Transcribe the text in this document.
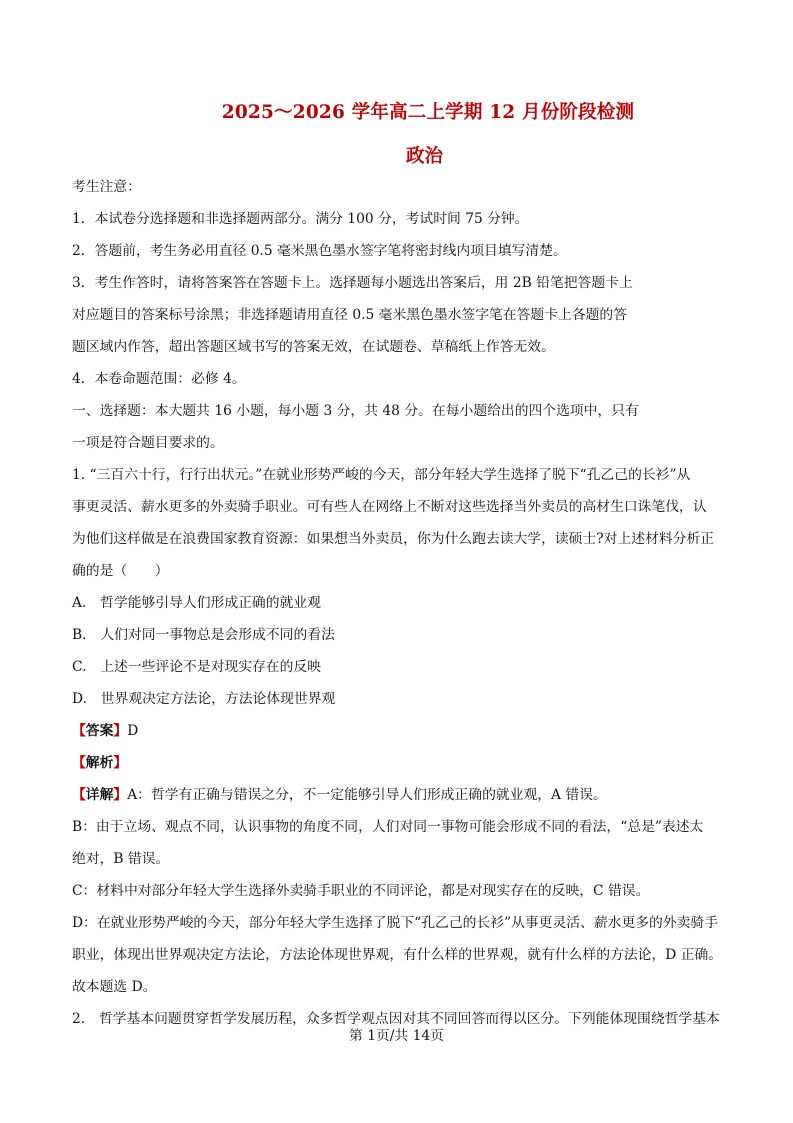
2025～2026 学年高二上学期 12 月份阶段检测
政治
考生注意：
1．本试卷分选择题和非选择题两部分。满分 100 分，考试时间 75 分钟。
2．答题前，考生务必用直径 0.5 毫米黑色墨水签字笔将密封线内项目填写清楚。
3．考生作答时，请将答案答在答题卡上。选择题每小题选出答案后，用 2B 铅笔把答题卡上
对应题目的答案标号涂黑；非选择题请用直径 0.5 毫米黑色墨水签字笔在答题卡上各题的答
题区域内作答，超出答题区域书写的答案无效，在试题卷、草稿纸上作答无效。
4．本卷命题范围：必修 4。
一、选择题：本大题共 16 小题，每小题 3 分，共 48 分。在每小题给出的四个选项中，只有
一项是符合题目要求的。
1. “三百六十行，行行出状元。”在就业形势严峻的今天，部分年轻大学生选择了脱下“孔乙己的长衫”从
事更灵活、薪水更多的外卖骑手职业。可有些人在网络上不断对这些选择当外卖员的高材生口诛笔伐，认
为他们这样做是在浪费国家教育资源：如果想当外卖员，你为什么跑去读大学，读硕士?对上述材料分析正
确的是（　　）
A.　哲学能够引导人们形成正确的就业观
B.　人们对同一事物总是会形成不同的看法
C.　上述一些评论不是对现实存在的反映
D.　世界观决定方法论，方法论体现世界观
【答案】D
【解析】
【详解】A：哲学有正确与错误之分，不一定能够引导人们形成正确的就业观，A 错误。
B：由于立场、观点不同，认识事物的角度不同，人们对同一事物可能会形成不同的看法，“总是”表述太
绝对，B 错误。
C：材料中对部分年轻大学生选择外卖骑手职业的不同评论，都是对现实存在的反映，C 错误。
D：在就业形势严峻的今天，部分年轻大学生选择了脱下“孔乙己的长衫”从事更灵活、薪水更多的外卖骑手
职业，体现出世界观决定方法论，方法论体现世界观，有什么样的世界观，就有什么样的方法论，D 正确。
故本题选 D。
2.　哲学基本问题贯穿哲学发展历程，众多哲学观点因对其不同回答而得以区分。下列能体现围绕哲学基本
第 1页/共 14页
